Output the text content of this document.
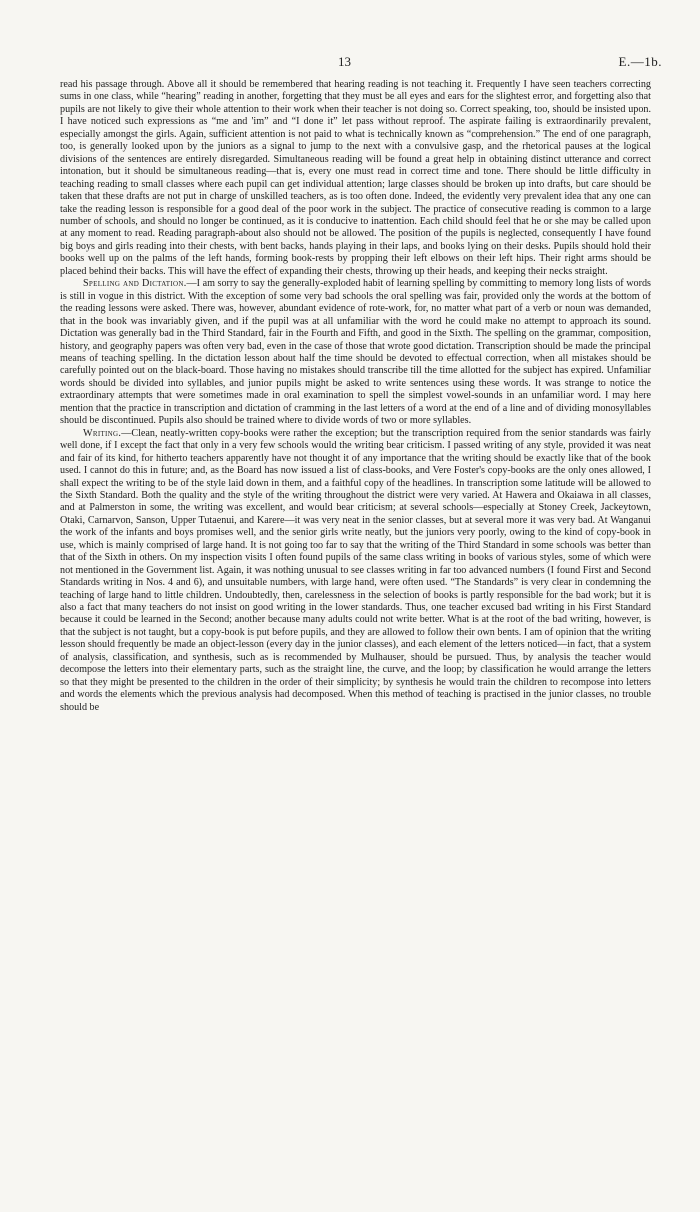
13	E.—1b.

read his passage through. Above all it should be remembered that hearing reading is not teaching it. Frequently I have seen teachers correcting sums in one class, while “hearing” reading in another, forgetting that they must be all eyes and ears for the slightest error, and forgetting also that pupils are not likely to give their whole attention to their work when their teacher is not doing so. Correct speaking, too, should be insisted upon. I have noticed such expressions as “me and 'im” and “I done it” let pass without reproof. The aspirate failing is extraordinarily prevalent, especially amongst the girls. Again, sufficient attention is not paid to what is technically known as “comprehension.” The end of one paragraph, too, is generally looked upon by the juniors as a signal to jump to the next with a convulsive gasp, and the rhetorical pauses at the logical divisions of the sentences are entirely disregarded. Simultaneous reading will be found a great help in obtaining distinct utterance and correct intonation, but it should be simultaneous reading—that is, every one must read in correct time and tone. There should be little difficulty in teaching reading to small classes where each pupil can get individual attention; large classes should be broken up into drafts, but care should be taken that these drafts are not put in charge of unskilled teachers, as is too often done. Indeed, the evidently very prevalent idea that any one can take the reading lesson is responsible for a good deal of the poor work in the subject. The practice of consecutive reading is common to a large number of schools, and should no longer be continued, as it is conducive to inattention. Each child should feel that he or she may be called upon at any moment to read. Reading paragraph-about also should not be allowed. The position of the pupils is neglected, consequently I have found big boys and girls reading into their chests, with bent backs, hands playing in their laps, and books lying on their desks. Pupils should hold their books well up on the palms of the left hands, forming book-rests by propping their left elbows on their left hips. Their right arms should be placed behind their backs. This will have the effect of expanding their chests, throwing up their heads, and keeping their necks straight.

Spelling and Dictation.—I am sorry to say the generally-exploded habit of learning spelling by committing to memory long lists of words is still in vogue in this district. With the exception of some very bad schools the oral spelling was fair, provided only the words at the bottom of the reading lessons were asked. There was, however, abundant evidence of rote-work, for, no matter what part of a verb or noun was demanded, that in the book was invariably given, and if the pupil was at all unfamiliar with the word he could make no attempt to approach its sound. Dictation was generally bad in the Third Standard, fair in the Fourth and Fifth, and good in the Sixth. The spelling on the grammar, composition, history, and geography papers was often very bad, even in the case of those that wrote good dictation. Transcription should be made the principal means of teaching spelling. In the dictation lesson about half the time should be devoted to effectual correction, when all mistakes should be carefully pointed out on the black-board. Those having no mistakes should transcribe till the time allotted for the subject has expired. Unfamiliar words should be divided into syllables, and junior pupils might be asked to write sentences using these words. It was strange to notice the extraordinary attempts that were sometimes made in oral examination to spell the simplest vowel-sounds in an unfamiliar word. I may here mention that the practice in transcription and dictation of cramming in the last letters of a word at the end of a line and of dividing monosyllables should be discontinued. Pupils also should be trained where to divide words of two or more syllables.

Writing.—Clean, neatly-written copy-books were rather the exception; but the transcription required from the senior standards was fairly well done, if I except the fact that only in a very few schools would the writing bear criticism. I passed writing of any style, provided it was neat and fair of its kind, for hitherto teachers apparently have not thought it of any importance that the writing should be exactly like that of the book used. I cannot do this in future; and, as the Board has now issued a list of class-books, and Vere Foster's copy-books are the only ones allowed, I shall expect the writing to be of the style laid down in them, and a faithful copy of the headlines. In transcription some latitude will be allowed to the Sixth Standard. Both the quality and the style of the writing throughout the district were very varied. At Hawera and Okaiawa in all classes, and at Palmerston in some, the writing was excellent, and would bear criticism; at several schools—especially at Stoney Creek, Jackeytown, Otaki, Carnarvon, Sanson, Upper Tutaenui, and Karere—it was very neat in the senior classes, but at several more it was very bad. At Wanganui the work of the infants and boys promises well, and the senior girls write neatly, but the juniors very poorly, owing to the kind of copy-book in use, which is mainly comprised of large hand. It is not going too far to say that the writing of the Third Standard in some schools was better than that of the Sixth in others. On my inspection visits I often found pupils of the same class writing in books of various styles, some of which were not mentioned in the Government list. Again, it was nothing unusual to see classes writing in far too advanced numbers (I found First and Second Standards writing in Nos. 4 and 6), and unsuitable numbers, with large hand, were often used. “The Standards” is very clear in condemning the teaching of large hand to little children. Undoubtedly, then, carelessness in the selection of books is partly responsible for the bad work; but it is also a fact that many teachers do not insist on good writing in the lower standards. Thus, one teacher excused bad writing in his First Standard because it could be learned in the Second; another because many adults could not write better. What is at the root of the bad writing, however, is that the subject is not taught, but a copy-book is put before pupils, and they are allowed to follow their own bents. I am of opinion that the writing lesson should frequently be made an object-lesson (every day in the junior classes), and each element of the letters noticed—in fact, that a system of analysis, classification, and synthesis, such as is recommended by Mulhauser, should be pursued. Thus, by analysis the teacher would decompose the letters into their elementary parts, such as the straight line, the curve, and the loop; by classification he would arrange the letters so that they might be presented to the children in the order of their simplicity; by synthesis he would train the children to recompose into letters and words the elements which the previous analysis had decomposed. When this method of teaching is practised in the junior classes, no trouble should be
